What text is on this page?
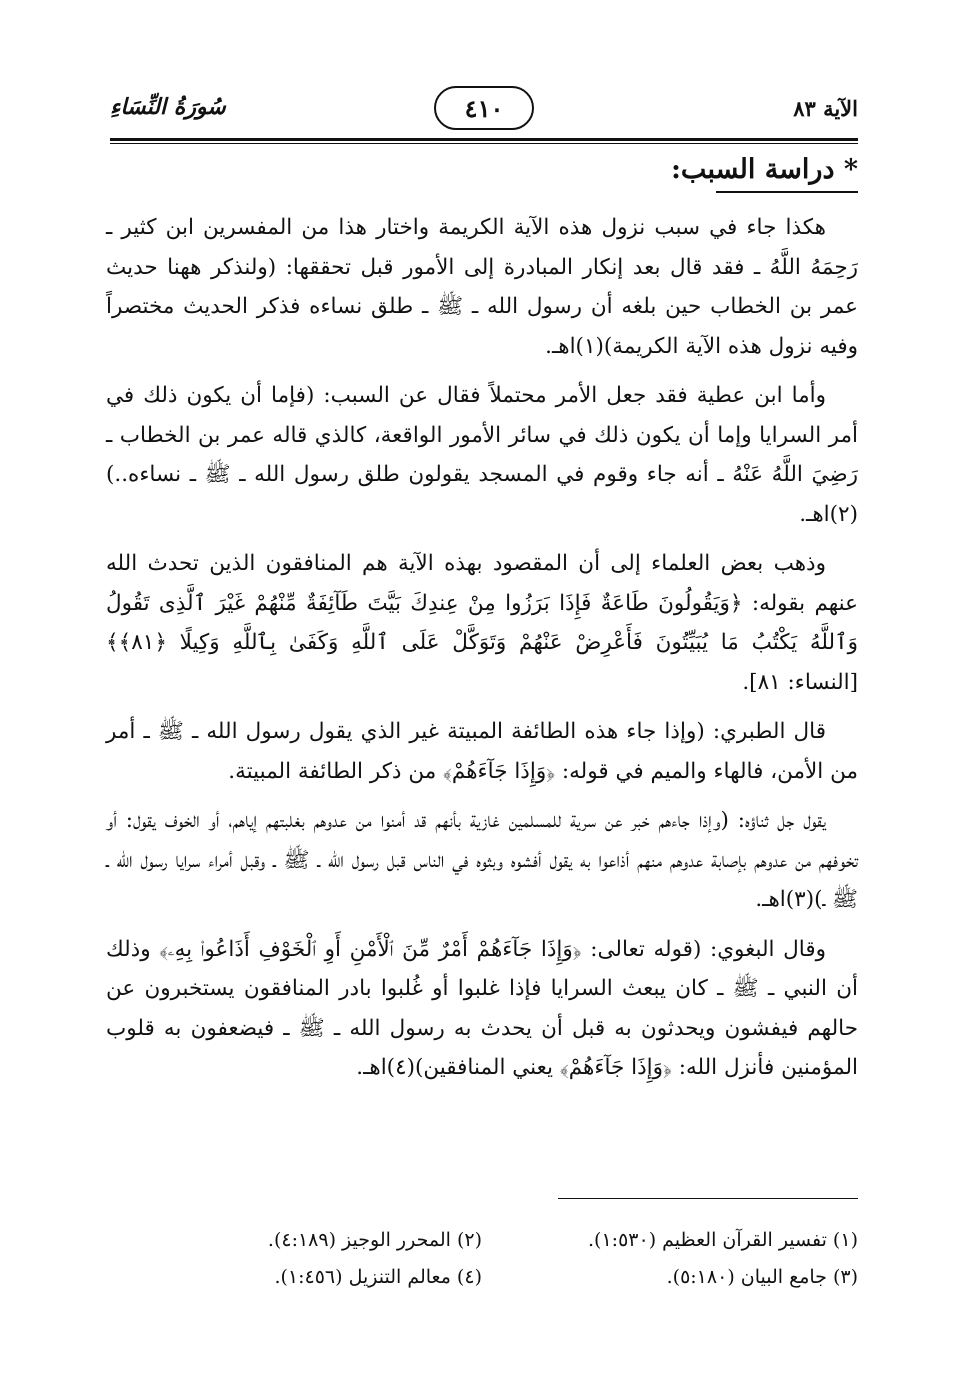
الآية ٨٣
٤١٠
سُورَةُ النِّسَاءِ
* دراسة السبب:

هكذا جاء في سبب نزول هذه الآية الكريمة واختار هذا من المفسرين ابن كثير ـ رَحِمَهُ اللَّهُ ـ فقد قال بعد إنكار المبادرة إلى الأمور قبل تحققها: (ولنذكر ههنا حديث عمر بن الخطاب حين بلغه أن رسول الله ـ ﷺ ـ طلق نساءه فذكر الحديث مختصراً وفيه نزول هذه الآية الكريمة)(١)اهـ.

وأما ابن عطية فقد جعل الأمر محتملاً فقال عن السبب: (فإما أن يكون ذلك في أمر السرايا وإما أن يكون ذلك في سائر الأمور الواقعة، كالذي قاله عمر بن الخطاب ـ رَضِيَ اللَّهُ عَنْهُ ـ أنه جاء وقوم في المسجد يقولون طلق رسول الله ـ ﷺ ـ نساءه..)(٢)اهـ.

وذهب بعض العلماء إلى أن المقصود بهذه الآية هم المنافقون الذين تحدث الله عنهم بقوله: ﴿وَيَقُولُونَ طَاعَةٌ فَإِذَا بَرَزُوا مِنْ عِندِكَ بَيَّتَ طَآئِفَةٌ مِّنْهُمْ غَيْرَ ٱلَّذِى تَقُولُ وَٱللَّهُ يَكْتُبُ مَا يُبَيِّتُونَ فَأَعْرِضْ عَنْهُمْ وَتَوَكَّلْ عَلَى ٱللَّهِ وَكَفَىٰ بِٱللَّهِ وَكِيلًا ﴿٨١﴾﴾ [النساء: ٨١].

قال الطبري: (وإذا جاء هذه الطائفة المبيتة غير الذي يقول رسول الله ـ ﷺ ـ أمر من الأمن، فالهاء والميم في قوله: ﴿وَإِذَا جَآءَهُمْ﴾ من ذكر الطائفة المبيتة.

يقول جل ثناؤه: (وإذا جاءهم خبر عن سرية للمسلمين غازية بأنهم قد أمنوا من عدوهم بغلبتهم إياهم، أو الخوف يقول: أو تخوفهم من عدوهم بإصابة عدوهم منهم أذاعوا به يقول أفشوه وبثوه في الناس قبل رسول الله ـ ﷺ ـ وقبل أمراء سرايا رسول الله ـ ﷺ ـ)(٣)اهـ.

وقال البغوي: (قوله تعالى: ﴿وَإِذَا جَآءَهُمْ أَمْرٌ مِّنَ ٱلْأَمْنِ أَوِ ٱلْخَوْفِ أَذَاعُوا۟ بِهِۦ﴾ وذلك أن النبي ـ ﷺ ـ كان يبعث السرايا فإذا غلبوا أو غُلبوا بادر المنافقون يستخبرون عن حالهم فيفشون ويحدثون به قبل أن يحدث به رسول الله ـ ﷺ ـ فيضعفون به قلوب المؤمنين فأنزل الله: ﴿وَإِذَا جَآءَهُمْ﴾ يعني المنافقين)(٤)اهـ.

(١) تفسير القرآن العظيم (١:٥٣٠).
(٢) المحرر الوجيز (٤:١٨٩).
(٣) جامع البيان (٥:١٨٠).
(٤) معالم التنزيل (١:٤٥٦).
